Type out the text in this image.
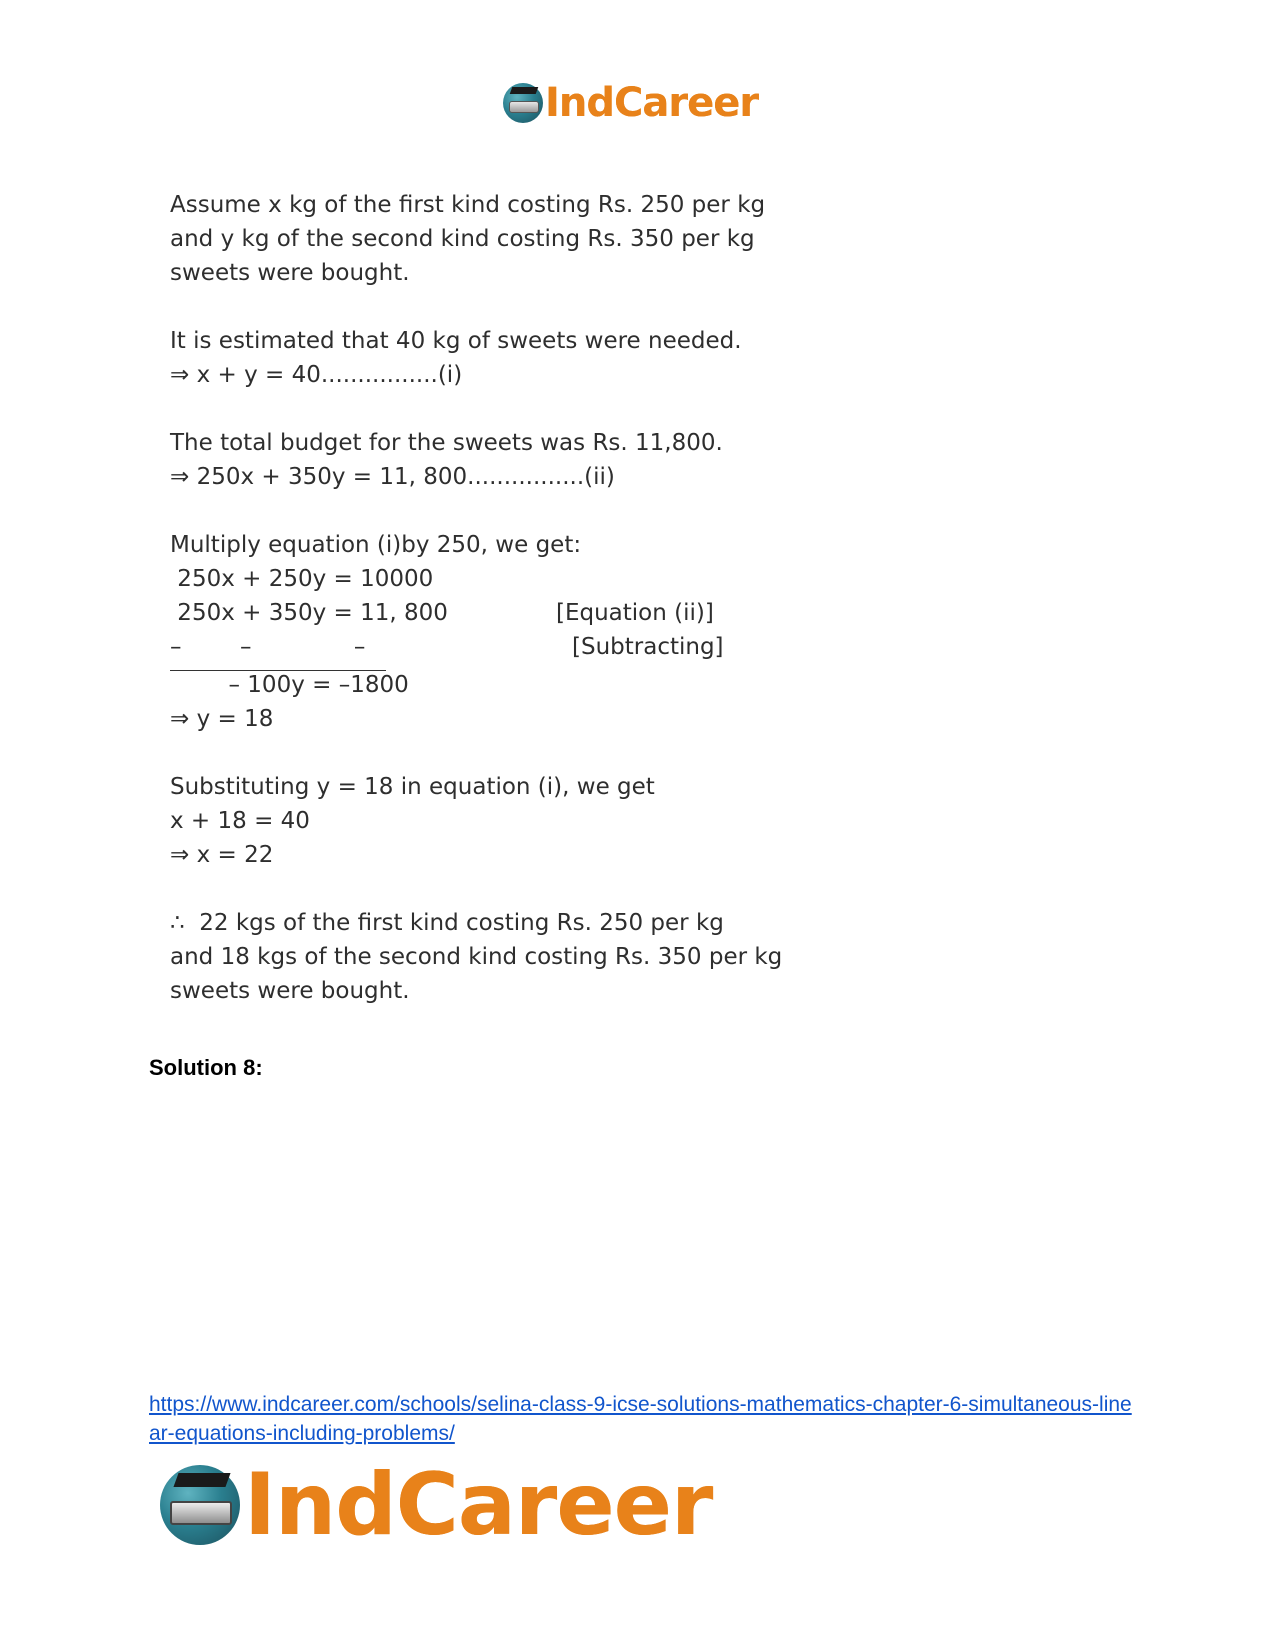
IndCareer
Assume x kg of the first kind costing Rs. 250 per kg
and y kg of the second kind costing Rs. 350 per kg
sweets were bought.
It is estimated that 40 kg of sweets were needed.
⇒ x + y = 40................(i)
The total budget for the sweets was Rs. 11,800.
⇒ 250x + 350y = 11, 800................(ii)
Multiply equation (i)by 250, we get:
250x + 250y = 10000
250x + 350y = 11, 800	[Equation (ii)]
–        –              –	[Subtracting]
– 100y = –1800
⇒ y = 18
Substituting y = 18 in equation (i), we get
x + 18 = 40
⇒ x = 22
∴  22 kgs of the first kind costing Rs. 250 per kg
and 18 kgs of the second kind costing Rs. 350 per kg
sweets were bought.
Solution 8:
https://www.indcareer.com/schools/selina-class-9-icse-solutions-mathematics-chapter-6-simultaneous-linear-equations-including-problems/
IndCareer
